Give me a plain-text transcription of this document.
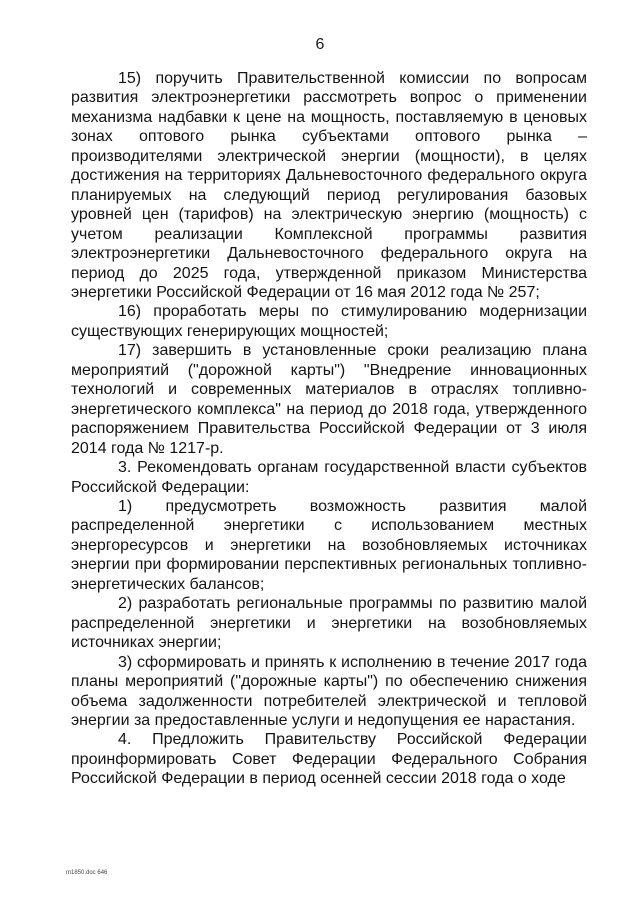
6

15) поручить Правительственной комиссии по вопросам развития электроэнергетики рассмотреть вопрос о применении механизма надбавки к цене на мощность, поставляемую в ценовых зонах оптового рынка субъектами оптового рынка – производителями электрической энергии (мощности), в целях достижения на территориях Дальневосточного федерального округа планируемых на следующий период регулирования базовых уровней цен (тарифов) на электрическую энергию (мощность) с учетом реализации Комплексной программы развития электроэнергетики Дальневосточного федерального округа на период до 2025 года, утвержденной приказом Министерства энергетики Российской Федерации от 16 мая 2012 года № 257;

16) проработать меры по стимулированию модернизации существующих генерирующих мощностей;

17) завершить в установленные сроки реализацию плана мероприятий ("дорожной карты") "Внедрение инновационных технологий и современных материалов в отраслях топливно-энергетического комплекса" на период до 2018 года, утвержденного распоряжением Правительства Российской Федерации от 3 июля 2014 года № 1217-р.

3. Рекомендовать органам государственной власти субъектов Российской Федерации:

1) предусмотреть возможность развития малой распределенной энергетики с использованием местных энергоресурсов и энергетики на возобновляемых источниках энергии при формировании перспективных региональных топливно-энергетических балансов;

2) разработать региональные программы по развитию малой распределенной энергетики и энергетики на возобновляемых источниках энергии;

3) сформировать и принять к исполнению в течение 2017 года планы мероприятий ("дорожные карты") по обеспечению снижения объема задолженности потребителей электрической и тепловой энергии за предоставленные услуги и недопущения ее нарастания.

4. Предложить Правительству Российской Федерации проинформировать Совет Федерации Федерального Собрания Российской Федерации в период осенней сессии 2018 года о ходе

m1850.doc 646
